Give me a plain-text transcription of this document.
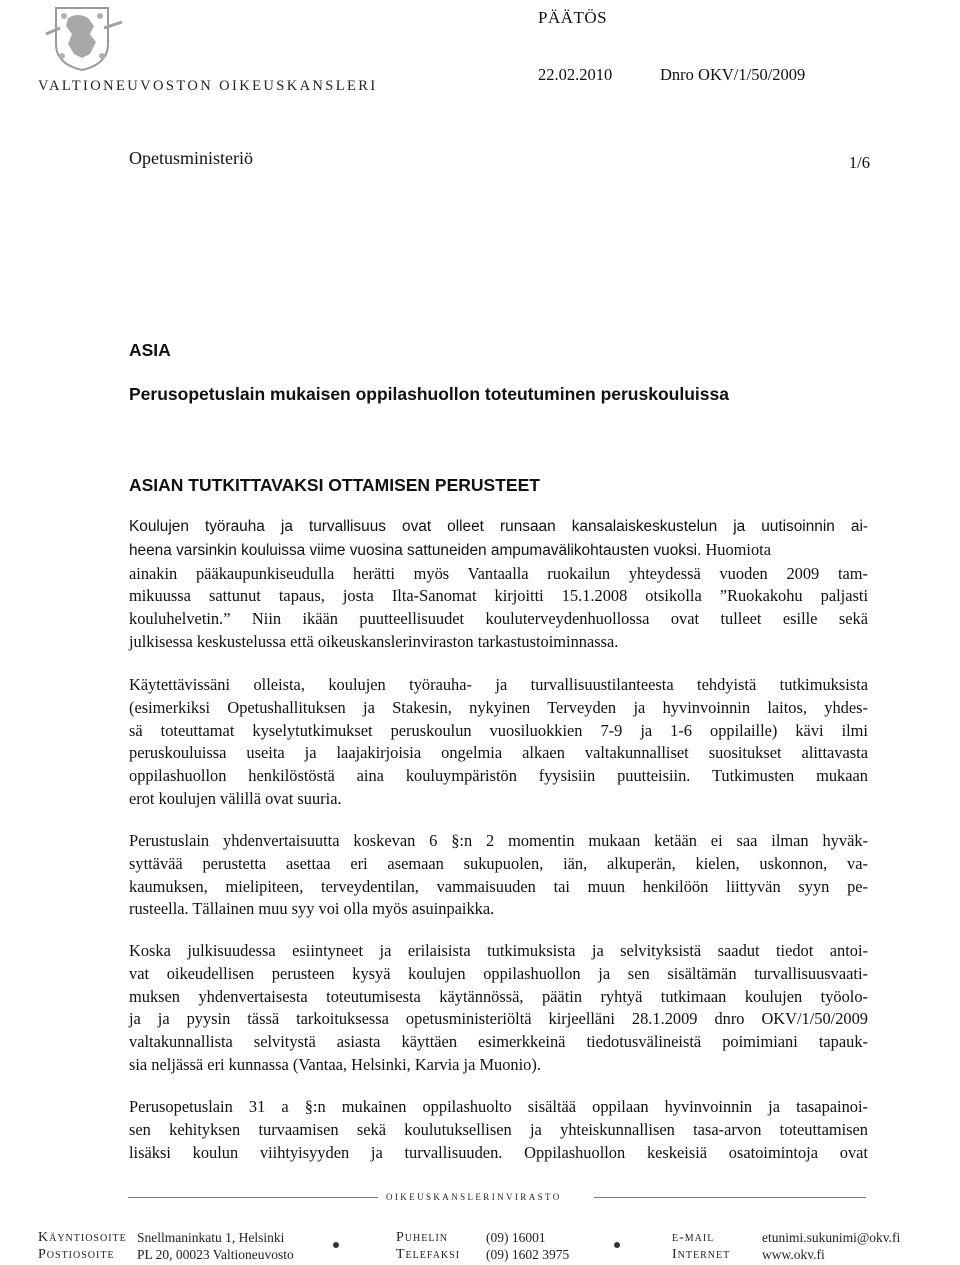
VALTIONEUVOSTON OIKEUSKANSLERI
PÄÄTÖS
22.02.2010	Dnro OKV/1/50/2009
Opetusministeriö	1/6
ASIA
Perusopetuslain mukaisen oppilashuollon toteutuminen peruskouluissa
ASIAN TUTKITTAVAKSI OTTAMISEN PERUSTEET

Koulujen työrauha ja turvallisuus ovat olleet runsaan kansalaiskeskustelun ja uutisoinnin ai-
heena varsinkin kouluissa viime vuosina sattuneiden ampumavälikohtausten vuoksi. Huomiota
ainakin pääkaupunkiseudulla herätti myös Vantaalla ruokailun yhteydessä vuoden 2009 tam-
mikuussa sattunut tapaus, josta Ilta-Sanomat kirjoitti 15.1.2008 otsikolla ”Ruokakohu paljasti
kouluhelvetin.” Niin ikään puutteellisuudet kouluterveydenhuollossa ovat tulleet esille sekä
julkisessa keskustelussa että oikeuskanslerinviraston tarkastustoiminnassa.

Käytettävissäni olleista, koulujen työrauha- ja turvallisuustilanteesta tehdyistä tutkimuksista
(esimerkiksi Opetushallituksen ja Stakesin, nykyinen Terveyden ja hyvinvoinnin laitos, yhdes-
sä toteuttamat kyselytutkimukset peruskoulun vuosiluokkien 7-9 ja 1-6 oppilaille) kävi ilmi
peruskouluissa useita ja laajakirjoisia ongelmia alkaen valtakunnalliset suositukset alittavasta
oppilashuollon henkilöstöstä aina kouluympäristön fyysisiin puutteisiin. Tutkimusten mukaan
erot koulujen välillä ovat suuria.

Perustuslain yhdenvertaisuutta koskevan 6 §:n 2 momentin mukaan ketään ei saa ilman hyväk-
syttävää perustetta asettaa eri asemaan sukupuolen, iän, alkuperän, kielen, uskonnon, va-
kaumuksen, mielipiteen, terveydentilan, vammaisuuden tai muun henkilöön liittyvän syyn pe-
rusteella. Tällainen muu syy voi olla myös asuinpaikka.

Koska julkisuudessa esiintyneet ja erilaisista tutkimuksista ja selvityksistä saadut tiedot antoi-
vat oikeudellisen perusteen kysyä koulujen oppilashuollon ja sen sisältämän turvallisuusvaati-
muksen yhdenvertaisesta toteutumisesta käytännössä, päätin ryhtyä tutkimaan koulujen työolo-
ja ja pyysin tässä tarkoituksessa opetusministeriöltä kirjeelläni 28.1.2009 dnro OKV/1/50/2009
valtakunnallista selvitystä asiasta käyttäen esimerkkeinä tiedotusvälineistä poimimiani tapauk-
sia neljässä eri kunnassa (Vantaa, Helsinki, Karvia ja Muonio).

Perusopetuslain 31 a §:n mukainen oppilashuolto sisältää oppilaan hyvinvoinnin ja tasapainoi-
sen kehityksen turvaamisen sekä koulutuksellisen ja yhteiskunnallisen tasa-arvon toteuttamisen
lisäksi koulun viihtyisyyden ja turvallisuuden. Oppilashuollon keskeisiä osatoimintoja ovat

oikeuskanslerinvirasto
Käyntiosoite Snellmaninkatu 1, Helsinki
Postiosoite PL 20, 00023 Valtioneuvosto
Puhelin	(09) 16001
Telefaksi (09) 1602 3975
e-mail	etunimi.sukunimi@okv.fi
Internet www.okv.fi
